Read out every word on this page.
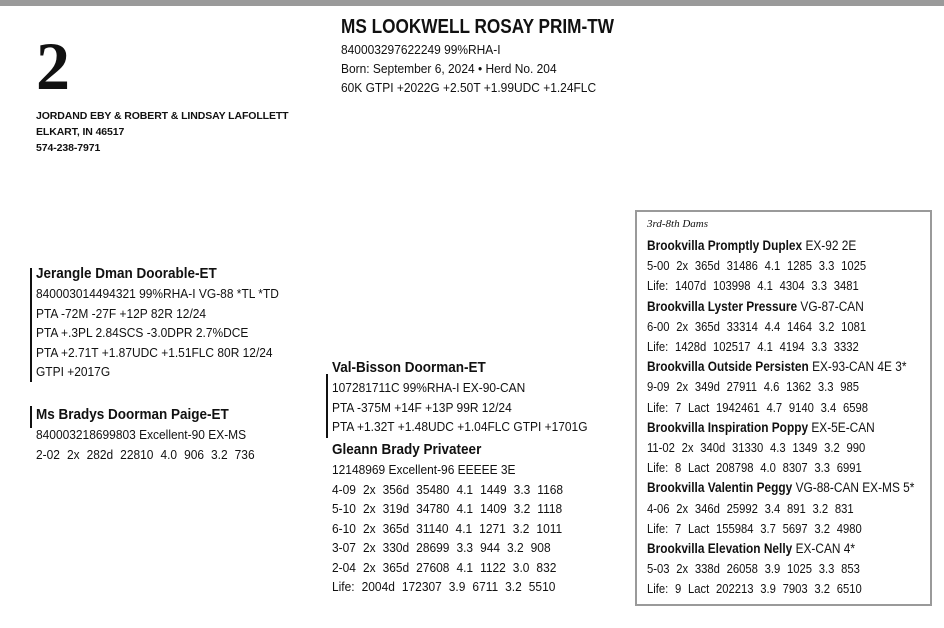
2
JORDAND EBY & ROBERT & LINDSAY LAFOLLETT
ELKART, IN 46517
574-238-7971
MS LOOKWELL ROSAY PRIM-TW
840003297622249 99%RHA-I
Born: September 6, 2024 • Herd No. 204
60K GTPI +2022G +2.50T +1.99UDC +1.24FLC
Jerangle Dman Doorable-ET
840003014494321 99%RHA-I VG-88 *TL *TD
PTA -72M -27F +12P 82R 12/24
PTA +.3PL 2.84SCS -3.0DPR 2.7%DCE
PTA +2.71T +1.87UDC +1.51FLC 80R 12/24
GTPI +2017G
Ms Bradys Doorman Paige-ET
840003218699803 Excellent-90 EX-MS
2-02 2x 282d 22810 4.0 906 3.2 736
Val-Bisson Doorman-ET
107281711C 99%RHA-I EX-90-CAN
PTA -375M +14F +13P 99R 12/24
PTA +1.32T +1.48UDC +1.04FLC GTPI +1701G
Gleann Brady Privateer
12148969 Excellent-96 EEEEE 3E
4-09 2x 356d 35480 4.1 1449 3.3 1168
5-10 2x 319d 34780 4.1 1409 3.2 1118
6-10 2x 365d 31140 4.1 1271 3.2 1011
3-07 2x 330d 28699 3.3 944 3.2 908
2-04 2x 365d 27608 4.1 1122 3.0 832
Life: 2004d 172307 3.9 6711 3.2 5510
3rd-8th Dams
Brookvilla Promptly Duplex EX-92 2E
5-00 2x 365d 31486 4.1 1285 3.3 1025
Life: 1407d 103998 4.1 4304 3.3 3481
Brookvilla Lyster Pressure VG-87-CAN
6-00 2x 365d 33314 4.4 1464 3.2 1081
Life: 1428d 102517 4.1 4194 3.3 3332
Brookvilla Outside Persisten EX-93-CAN 4E 3*
9-09 2x 349d 27911 4.6 1362 3.3 985
Life: 7 Lact 1942461 4.7 9140 3.4 6598
Brookvilla Inspiration Poppy EX-5E-CAN
11-02 2x 340d 31330 4.3 1349 3.2 990
Life: 8 Lact 208798 4.0 8307 3.3 6991
Brookvilla Valentin Peggy VG-88-CAN EX-MS 5*
4-06 2x 346d 25992 3.4 891 3.2 831
Life: 7 Lact 155984 3.7 5697 3.2 4980
Brookvilla Elevation Nelly EX-CAN 4*
5-03 2x 338d 26058 3.9 1025 3.3 853
Life: 9 Lact 202213 3.9 7903 3.2 6510
